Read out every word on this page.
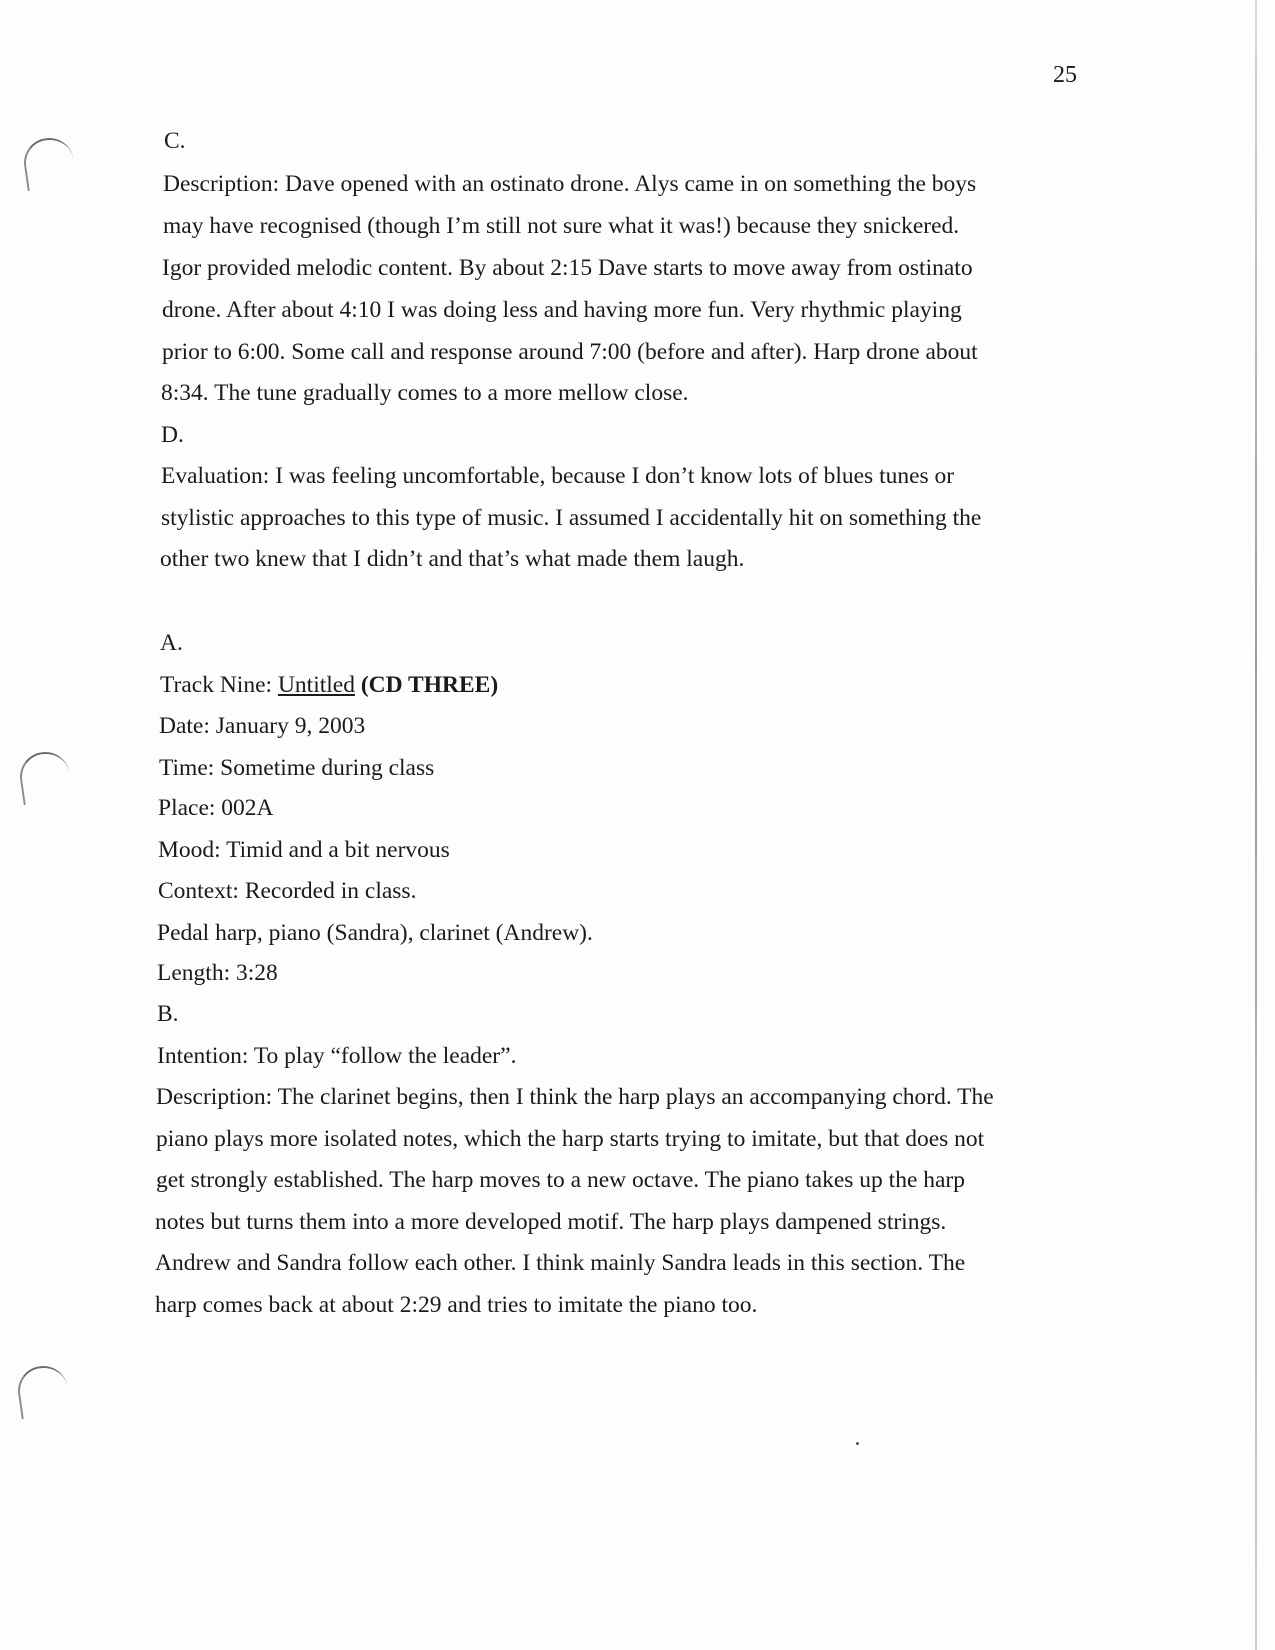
25
C.
Description: Dave opened with an ostinato drone. Alys came in on something the boys
may have recognised (though I’m still not sure what it was!) because they snickered.
Igor provided melodic content. By about 2:15 Dave starts to move away from ostinato
drone. After about 4:10 I was doing less and having more fun. Very rhythmic playing
prior to 6:00. Some call and response around 7:00 (before and after). Harp drone about
8:34. The tune gradually comes to a more mellow close.
D.
Evaluation: I was feeling uncomfortable, because I don’t know lots of blues tunes or
stylistic approaches to this type of music. I assumed I accidentally hit on something the
other two knew that I didn’t and that’s what made them laugh.
A.
Track Nine: Untitled (CD THREE)
Date: January 9, 2003
Time: Sometime during class
Place: 002A
Mood: Timid and a bit nervous
Context: Recorded in class.
Pedal harp, piano (Sandra), clarinet (Andrew).
Length: 3:28
B.
Intention: To play “follow the leader”.
Description: The clarinet begins, then I think the harp plays an accompanying chord. The
piano plays more isolated notes, which the harp starts trying to imitate, but that does not
get strongly established. The harp moves to a new octave. The piano takes up the harp
notes but turns them into a more developed motif. The harp plays dampened strings.
Andrew and Sandra follow each other. I think mainly Sandra leads in this section. The
harp comes back at about 2:29 and tries to imitate the piano too.
